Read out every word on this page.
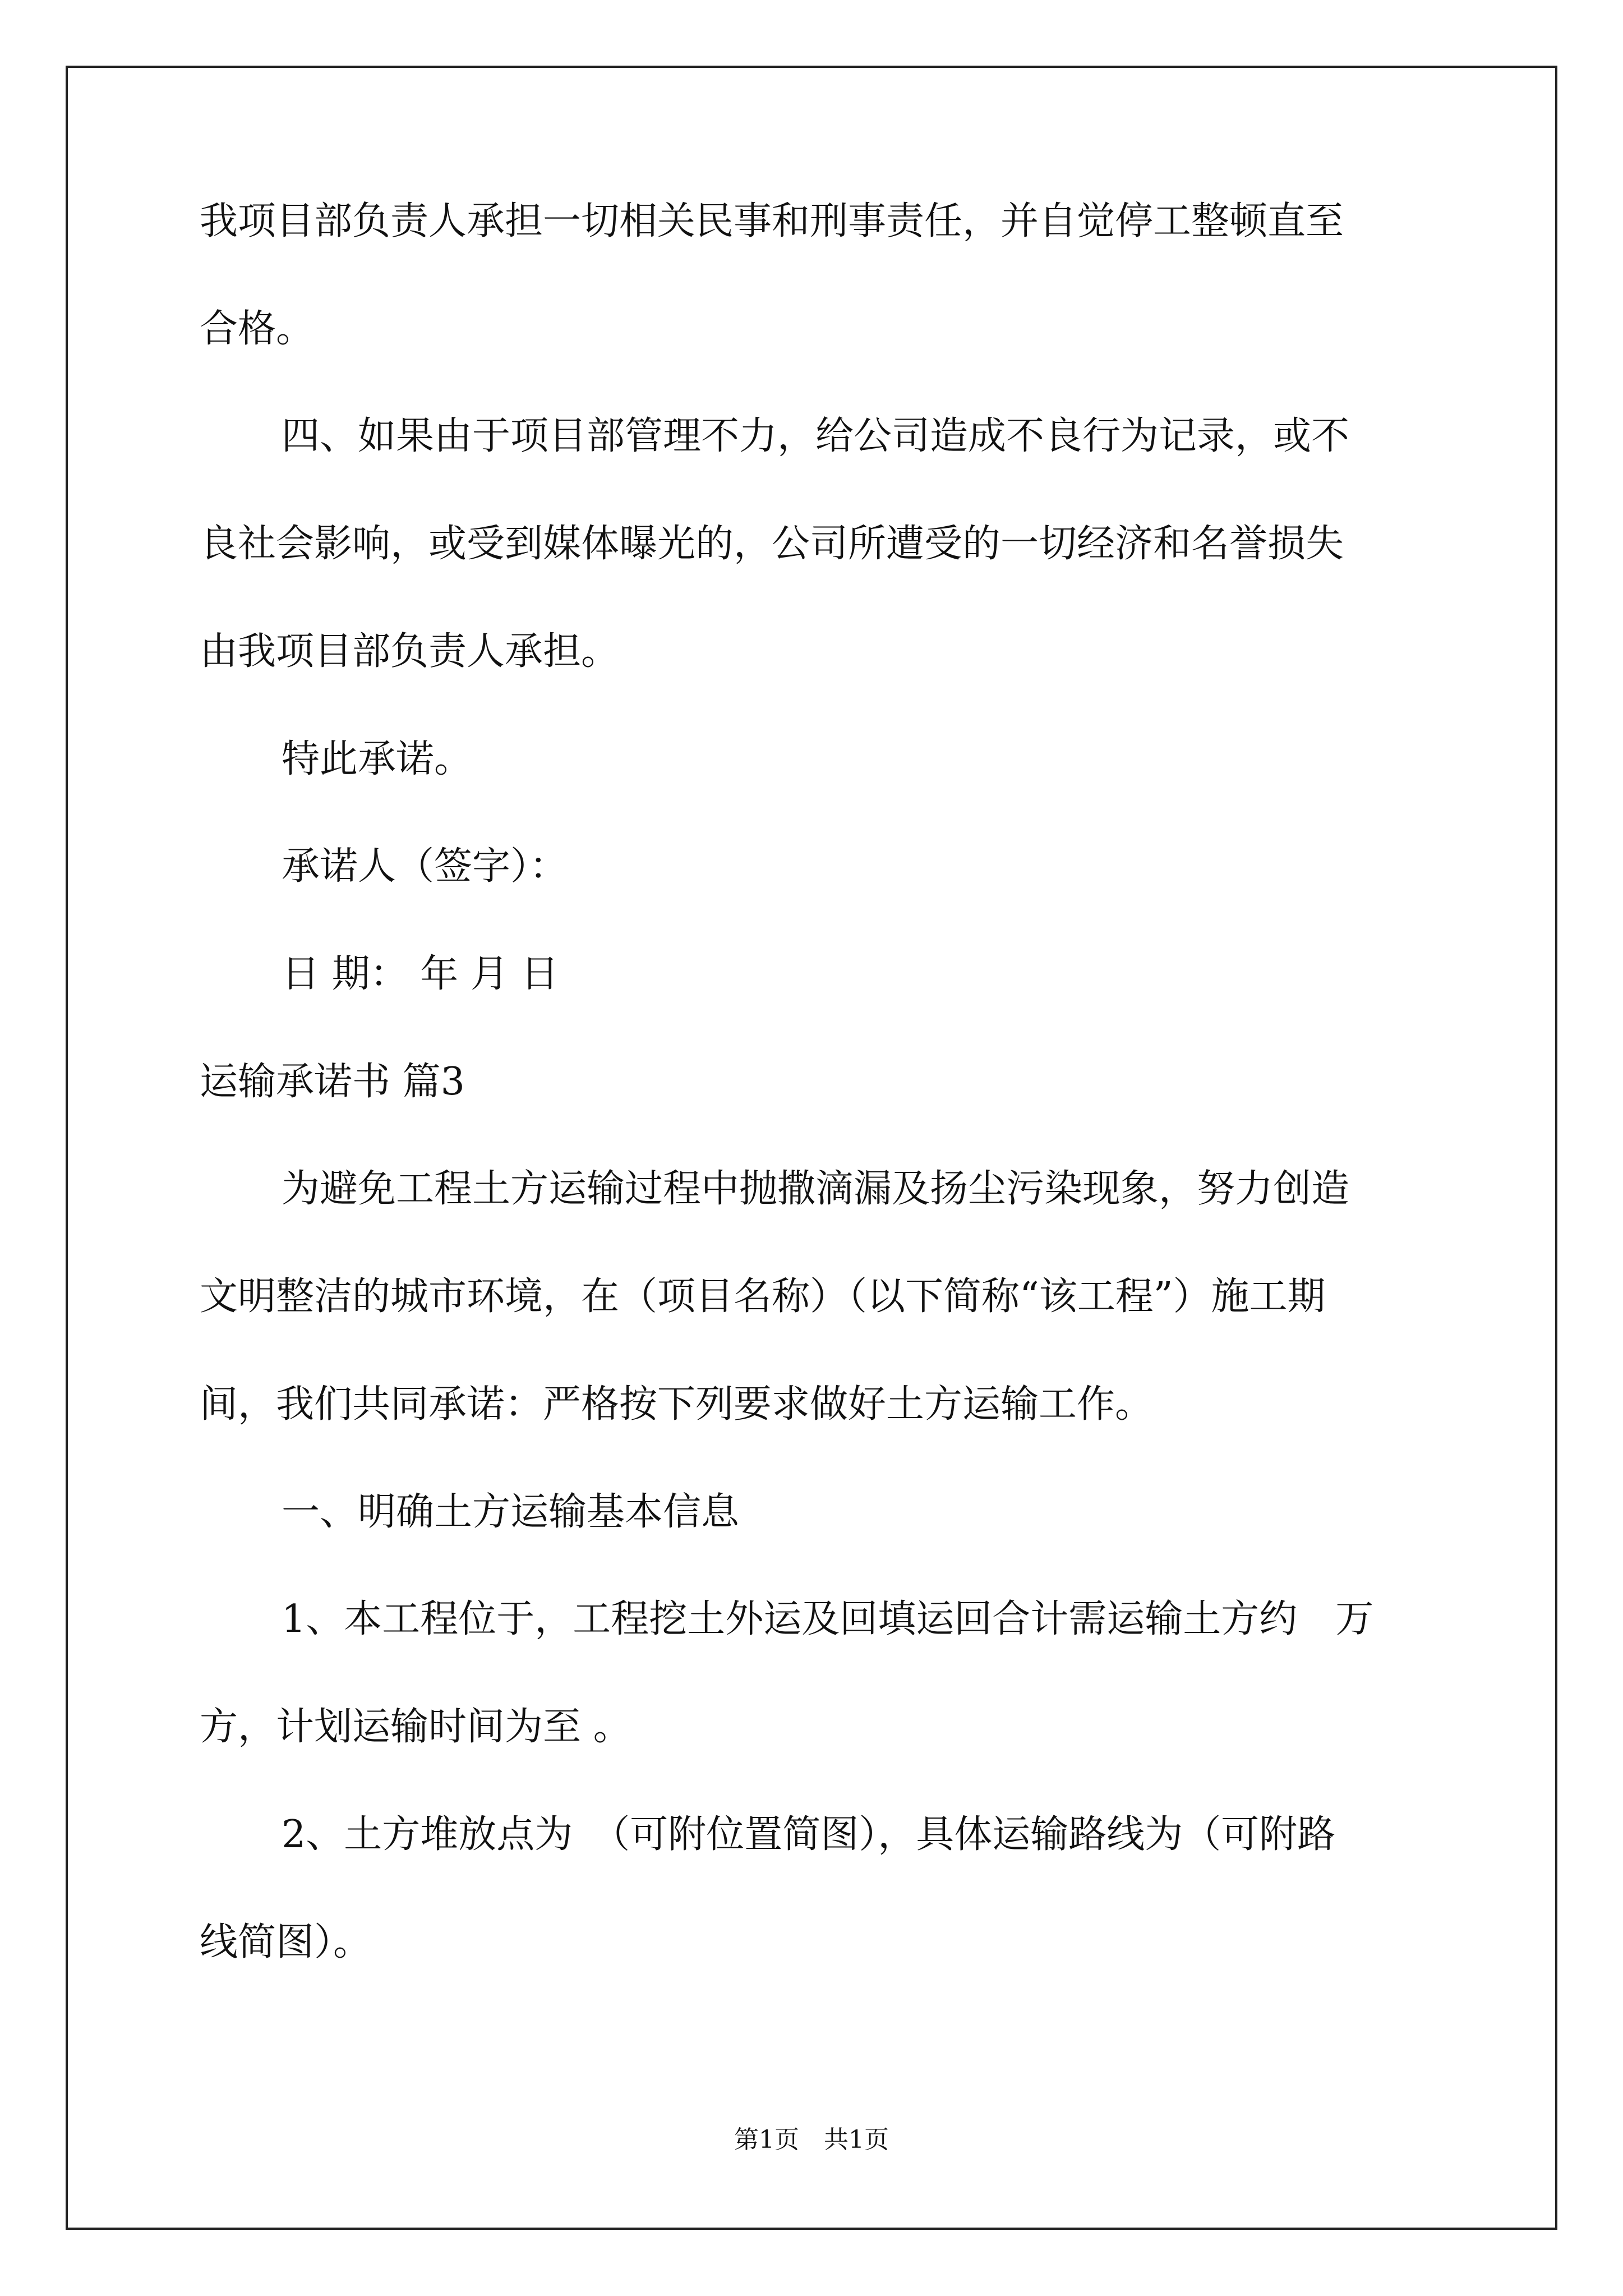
我项目部负责人承担一切相关民事和刑事责任，并自觉停工整顿直至
合格。
四、如果由于项目部管理不力，给公司造成不良行为记录，或不
良社会影响，或受到媒体曝光的，公司所遭受的一切经济和名誉损失
由我项目部负责人承担。
特此承诺。
承诺人（签字）：
日 期： 年 月 日
运输承诺书 篇3
为避免工程土方运输过程中抛撒滴漏及扬尘污染现象，努力创造
文明整洁的城市环境，在（项目名称）（以下简称“该工程”）施工期
间，我们共同承诺：严格按下列要求做好土方运输工作。
一、明确土方运输基本信息
1、本工程位于，工程挖土外运及回填运回合计需运输土方约　万
方，计划运输时间为至 。
2、土方堆放点为　（可附位置简图），具体运输路线为（可附路
线简图）。
第1页　共1页
